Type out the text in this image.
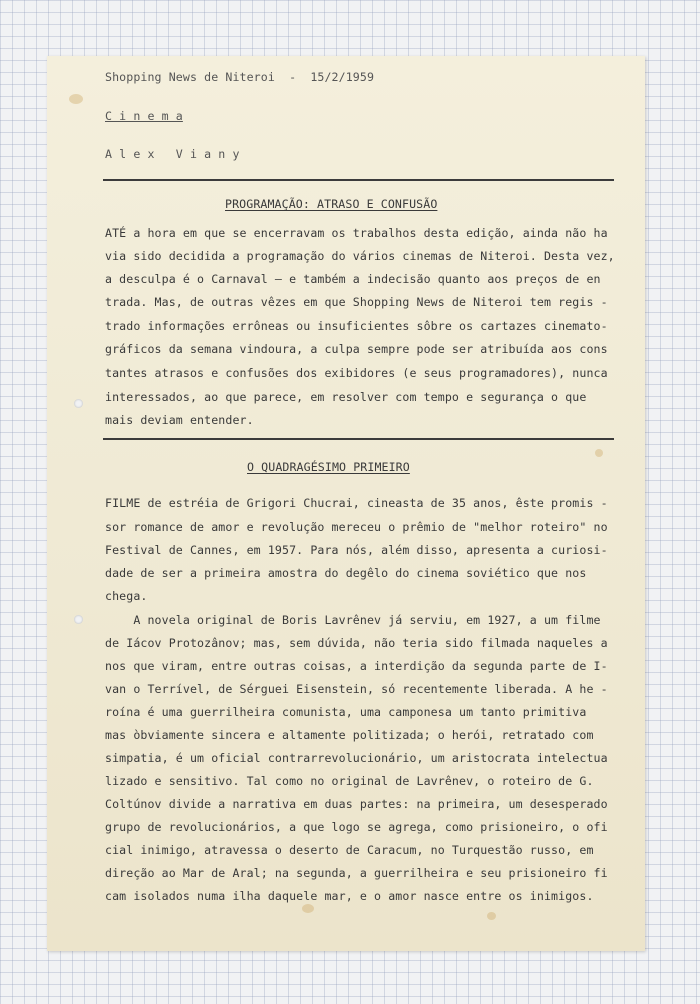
Shopping News de Niteroi  -  15/2/1959
C i n e m a
A l e x   V i a n y
PROGRAMAÇÃO: ATRASO E CONFUSÃO
ATÉ a hora em que se encerravam os trabalhos desta edição, ainda não ha
via sido decidida a programação do vários cinemas de Niteroi. Desta vez,
a desculpa é o Carnaval — e também a indecisão quanto aos preços de en
trada. Mas, de outras vêzes em que Shopping News de Niteroi tem regis -
trado informações errôneas ou insuficientes sôbre os cartazes cinemato-
gráficos da semana vindoura, a culpa sempre pode ser atribuída aos cons
tantes atrasos e confusões dos exibidores (e seus programadores), nunca
interessados, ao que parece, em resolver com tempo e segurança o que
mais deviam entender.
O QUADRAGÉSIMO PRIMEIRO
FILME de estréia de Grigori Chucrai, cineasta de 35 anos, êste promis -
sor romance de amor e revolução mereceu o prêmio de "melhor roteiro" no
Festival de Cannes, em 1957. Para nós, além disso, apresenta a curiosi-
dade de ser a primeira amostra do degêlo do cinema soviético que nos
chega.
A novela original de Boris Lavrênev já serviu, em 1927, a um filme
de Iácov Protozânov; mas, sem dúvida, não teria sido filmada naqueles a
nos que viram, entre outras coisas, a interdição da segunda parte de I-
van o Terrível, de Sérguei Eisenstein, só recentemente liberada. A he -
roína é uma guerrilheira comunista, uma camponesa um tanto primitiva
mas òbviamente sincera e altamente politizada; o herói, retratado com
simpatia, é um oficial contrarrevolucionário, um aristocrata intelectua
lizado e sensitivo. Tal como no original de Lavrênev, o roteiro de G.
Coltúnov divide a narrativa em duas partes: na primeira, um desesperado
grupo de revolucionários, a que logo se agrega, como prisioneiro, o ofi
cial inimigo, atravessa o deserto de Caracum, no Turquestão russo, em
direção ao Mar de Aral; na segunda, a guerrilheira e seu prisioneiro fi
cam isolados numa ilha daquele mar, e o amor nasce entre os inimigos.
